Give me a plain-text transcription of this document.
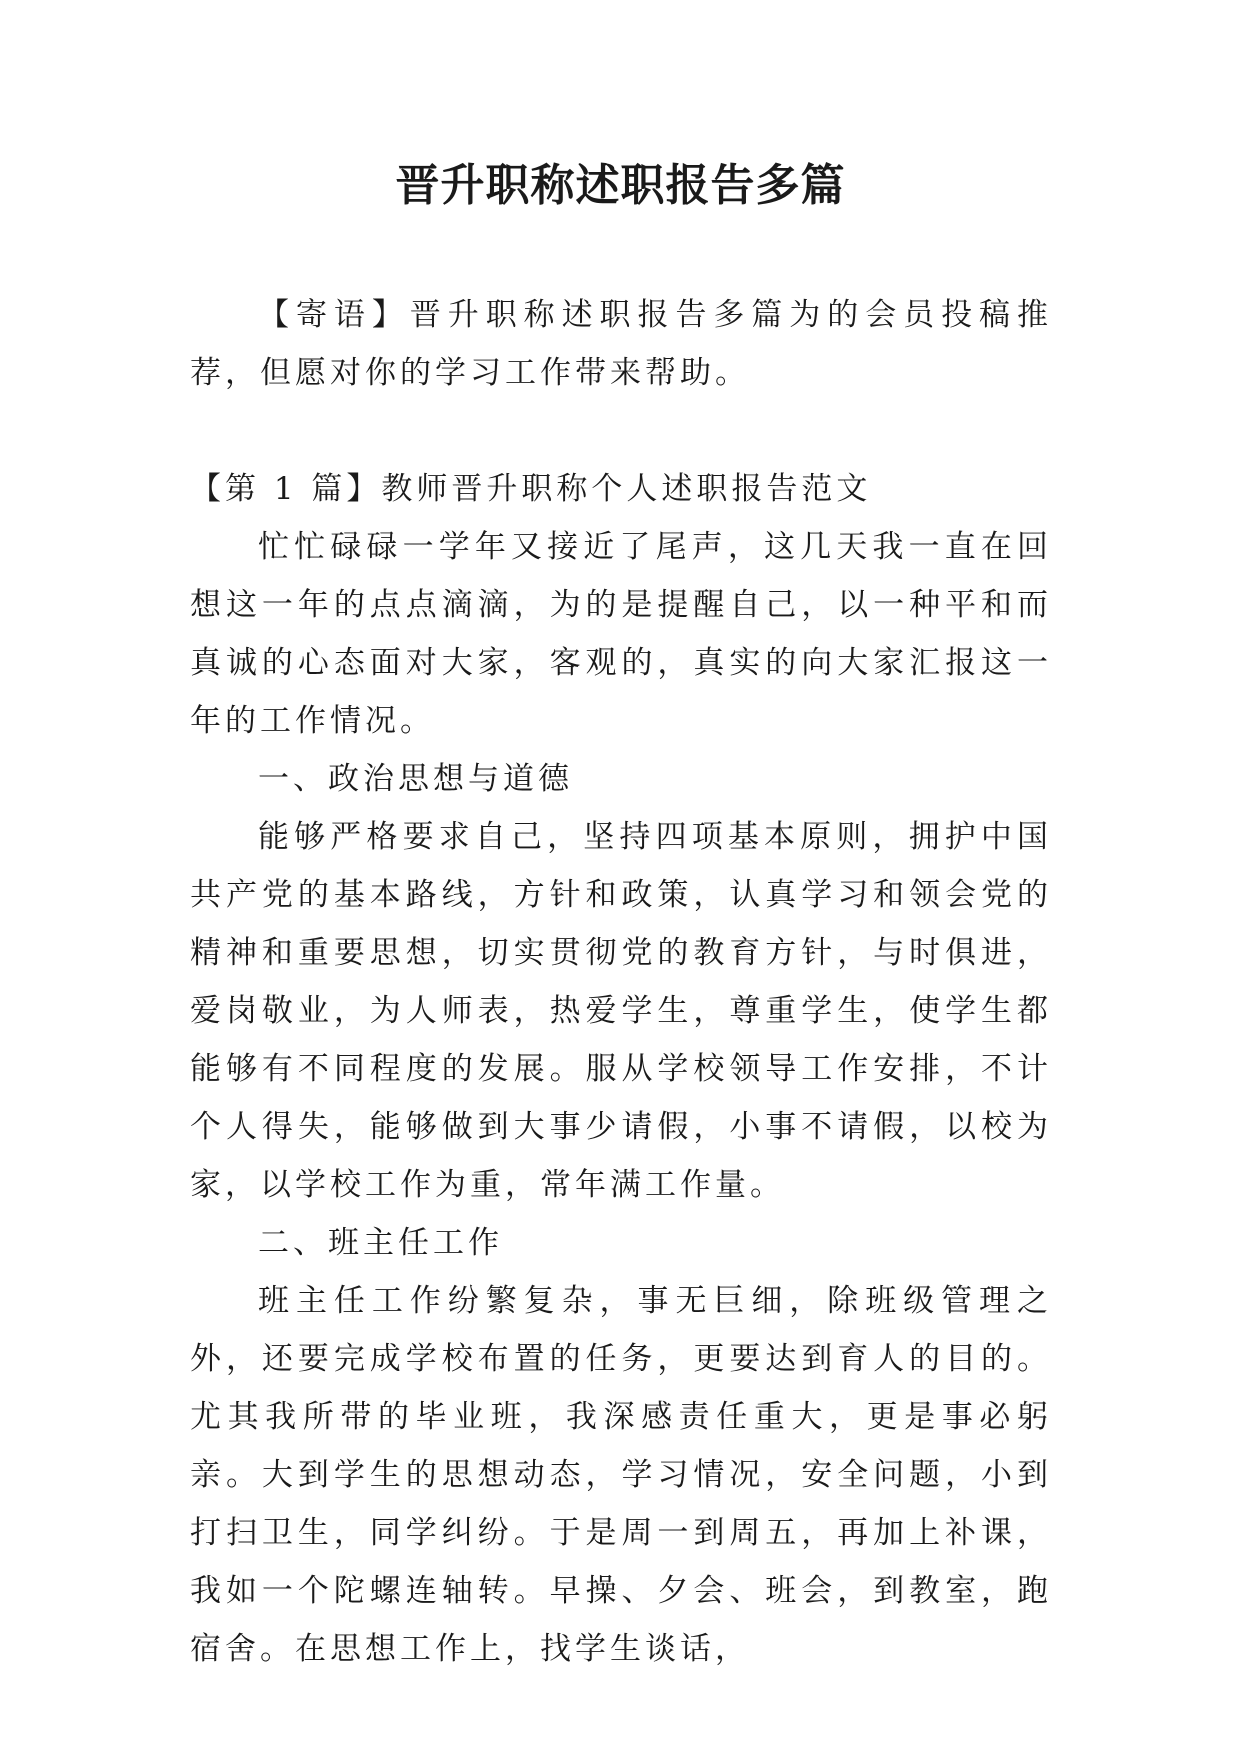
晋升职称述职报告多篇

【寄语】晋升职称述职报告多篇为的会员投稿推荐，但愿对你的学习工作带来帮助。

【第 1 篇】教师晋升职称个人述职报告范文

忙忙碌碌一学年又接近了尾声，这几天我一直在回想这一年的点点滴滴，为的是提醒自己，以一种平和而真诚的心态面对大家，客观的，真实的向大家汇报这一年的工作情况。

一、政治思想与道德

能够严格要求自己，坚持四项基本原则，拥护中国共产党的基本路线，方针和政策，认真学习和领会党的精神和重要思想，切实贯彻党的教育方针，与时俱进，爱岗敬业，为人师表，热爱学生，尊重学生，使学生都能够有不同程度的发展。服从学校领导工作安排，不计个人得失，能够做到大事少请假，小事不请假，以校为家，以学校工作为重，常年满工作量。

二、班主任工作

班主任工作纷繁复杂，事无巨细，除班级管理之外，还要完成学校布置的任务，更要达到育人的目的。尤其我所带的毕业班，我深感责任重大，更是事必躬亲。大到学生的思想动态，学习情况，安全问题，小到打扫卫生，同学纠纷。于是周一到周五，再加上补课，我如一个陀螺连轴转。早操、夕会、班会，到教室，跑宿舍。在思想工作上，找学生谈话，
